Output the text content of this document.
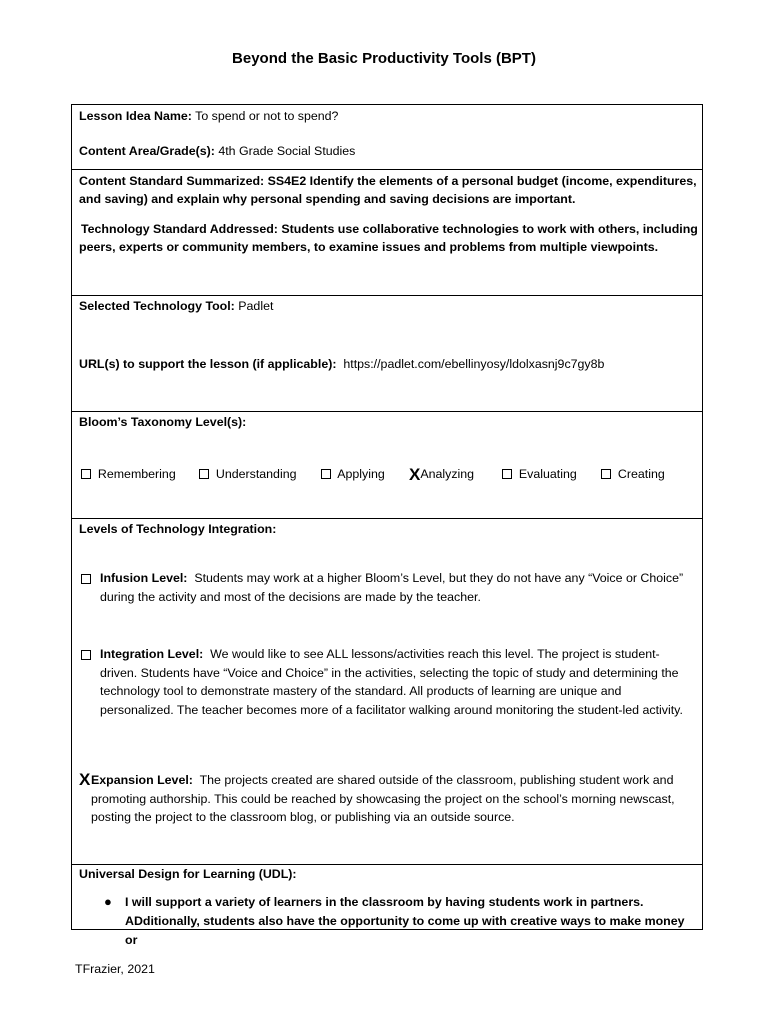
Beyond the Basic Productivity Tools (BPT)
Lesson Idea Name: To spend or not to spend?
Content Area/Grade(s): 4th Grade Social Studies
Content Standard Summarized: SS4E2 Identify the elements of a personal budget (income, expenditures,
and saving) and explain why personal spending and saving decisions are important.
Technology Standard Addressed: Students use collaborative technologies to work with others, including
peers, experts or community members, to examine issues and problems from multiple viewpoints.
Selected Technology Tool: Padlet
URL(s) to support the lesson (if applicable): https://padlet.com/ebellinyosy/ldolxasnj9c7gy8b
Bloom’s Taxonomy Level(s):
Remembering	Understanding	Applying XAnalyzing	Evaluating	Creating
Levels of Technology Integration:
Infusion Level: Students may work at a higher Bloom’s Level, but they do not have any “Voice or Choice” during the activity and most of the decisions are made by the teacher.
Integration Level: We would like to see ALL lessons/activities reach this level. The project is student-driven. Students have “Voice and Choice” in the activities, selecting the topic of study and determining the technology tool to demonstrate mastery of the standard. All products of learning are unique and personalized. The teacher becomes more of a facilitator walking around monitoring the student-led activity.
X Expansion Level: The projects created are shared outside of the classroom, publishing student work and promoting authorship. This could be reached by showcasing the project on the school’s morning newscast, posting the project to the classroom blog, or publishing via an outside source.
Universal Design for Learning (UDL):
● I will support a variety of learners in the classroom by having students work in partners. ADditionally, students also have the opportunity to come up with creative ways to make money or
TFrazier, 2021
